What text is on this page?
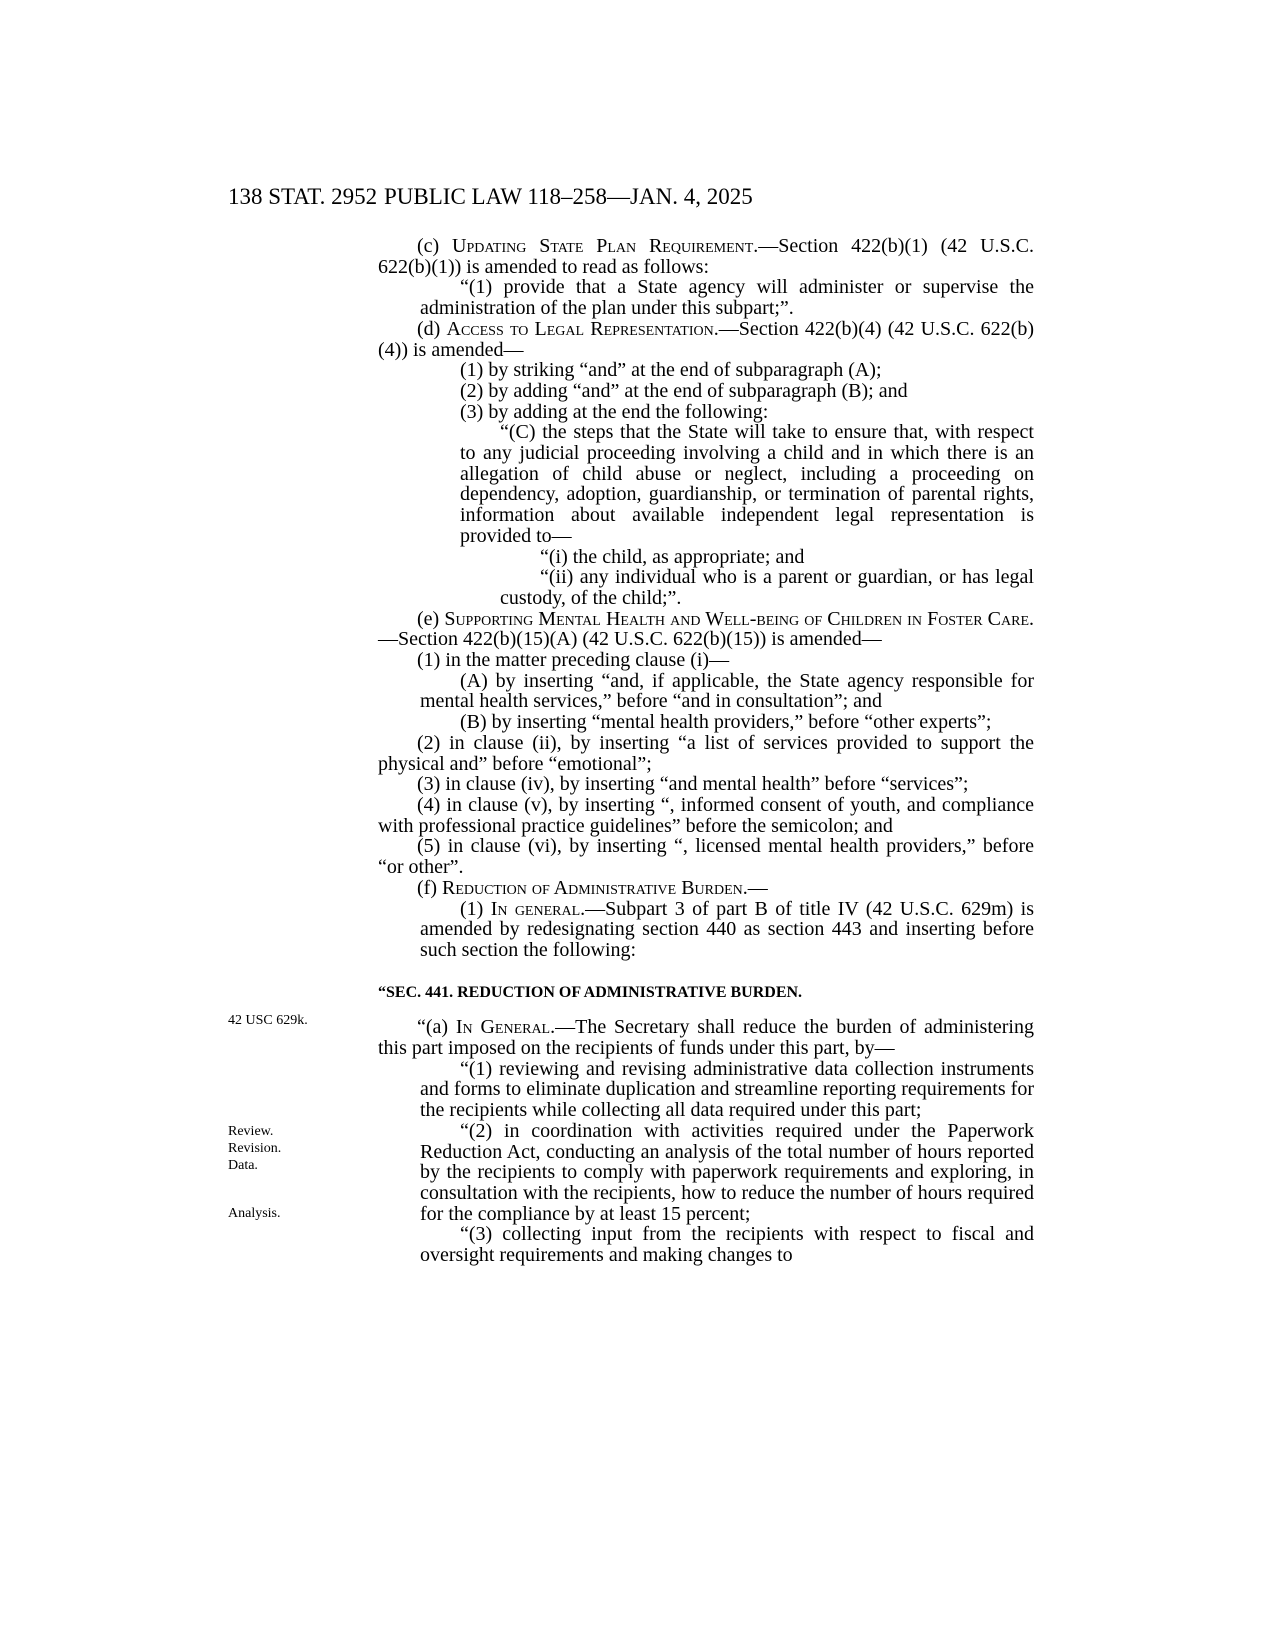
138 STAT. 2952 PUBLIC LAW 118–258—JAN. 4, 2025
42 USC 629k.
Review.
Revision.
Data.
Analysis.

(c) Updating State Plan Requirement.—Section 422(b)(1) (42 U.S.C. 622(b)(1)) is amended to read as follows:

“(1) provide that a State agency will administer or supervise the administration of the plan under this subpart;”.

(d) Access to Legal Representation.—Section 422(b)(4) (42 U.S.C. 622(b)(4)) is amended—

(1) by striking “and” at the end of subparagraph (A);

(2) by adding “and” at the end of subparagraph (B); and

(3) by adding at the end the following:

“(C) the steps that the State will take to ensure that, with respect to any judicial proceeding involving a child and in which there is an allegation of child abuse or neglect, including a proceeding on dependency, adoption, guardianship, or termination of parental rights, information about available independent legal representation is provided to—

“(i) the child, as appropriate; and

“(ii) any individual who is a parent or guardian, or has legal custody, of the child;”.

(e) Supporting Mental Health and Well-being of Children in Foster Care.—Section 422(b)(15)(A) (42 U.S.C. 622(b)(15)) is amended—

(1) in the matter preceding clause (i)—

(A) by inserting “and, if applicable, the State agency responsible for mental health services,” before “and in consultation”; and

(B) by inserting “mental health providers,” before “other experts”;

(2) in clause (ii), by inserting “a list of services provided to support the physical and” before “emotional”;

(3) in clause (iv), by inserting “and mental health” before “services”;

(4) in clause (v), by inserting “, informed consent of youth, and compliance with professional practice guidelines” before the semicolon; and

(5) in clause (vi), by inserting “, licensed mental health providers,” before “or other”.

(f) Reduction of Administrative Burden.—

(1) In general.—Subpart 3 of part B of title IV (42 U.S.C. 629m) is amended by redesignating section 440 as section 443 and inserting before such section the following:

“SEC. 441. REDUCTION OF ADMINISTRATIVE BURDEN.

“(a) In General.—The Secretary shall reduce the burden of administering this part imposed on the recipients of funds under this part, by—

“(1) reviewing and revising administrative data collection instruments and forms to eliminate duplication and streamline reporting requirements for the recipients while collecting all data required under this part;

“(2) in coordination with activities required under the Paperwork Reduction Act, conducting an analysis of the total number of hours reported by the recipients to comply with paperwork requirements and exploring, in consultation with the recipients, how to reduce the number of hours required for the compliance by at least 15 percent;

“(3) collecting input from the recipients with respect to fiscal and oversight requirements and making changes to
